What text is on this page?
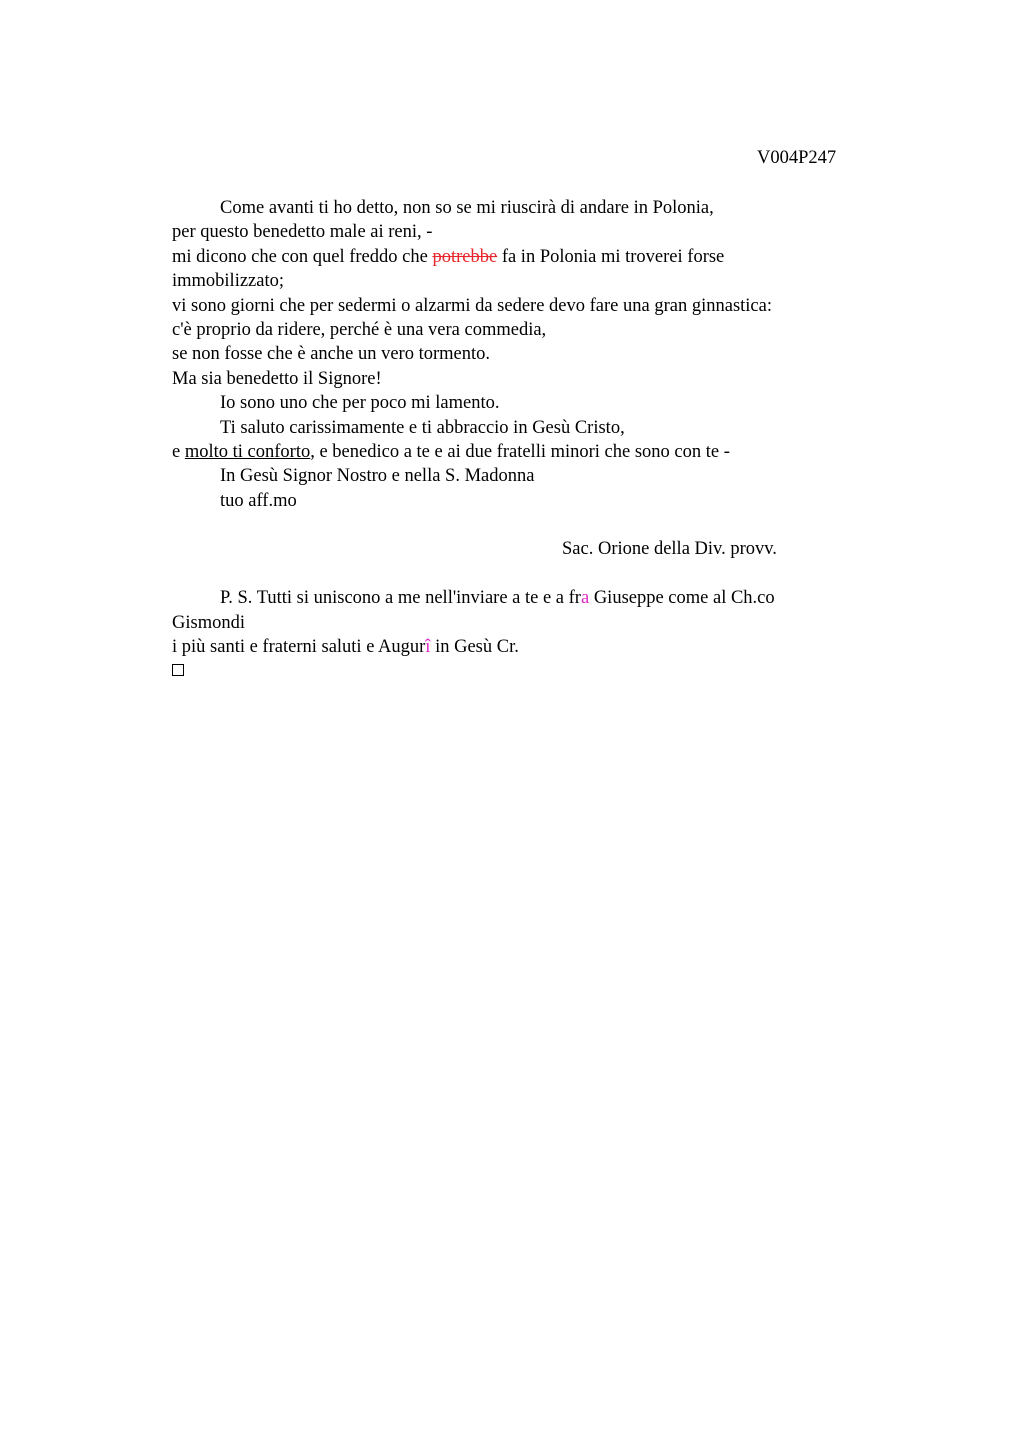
V004P247
Come avanti ti ho detto, non so se mi riuscirà di andare in Polonia,
per questo benedetto male ai reni, -
mi dicono che con quel freddo che potrebbe fa in Polonia mi troverei forse
immobilizzato;
vi sono giorni che per sedermi o alzarmi da sedere devo fare una gran ginnastica:
c'è proprio da ridere, perché è una vera commedia,
se non fosse che è anche un vero tormento.
Ma sia benedetto il Signore!
Io sono uno che per poco mi lamento.
Ti saluto carissimamente e ti abbraccio in Gesù Cristo,
e molto ti conforto, e benedico a te e ai due fratelli minori che sono con te -
In Gesù Signor Nostro e nella S. Madonna
tuo aff.mo
Sac. Orione della Div. provv.
P. S. Tutti si uniscono a me nell'inviare a te e a fra Giuseppe come al Ch.co
Gismondi
i più santi e fraterni saluti e Augurî in Gesù Cr.
